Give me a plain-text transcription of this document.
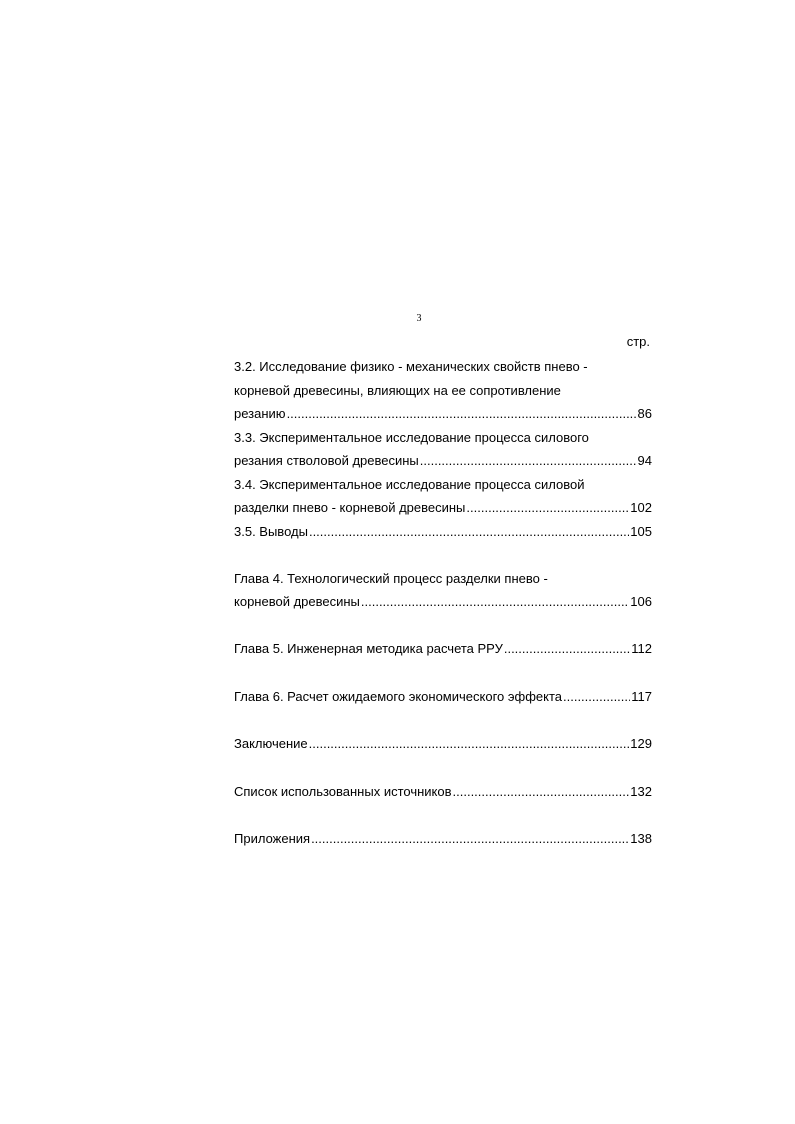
3
стр.
3.2. Исследование физико - механических свойств пнево -
корневой древесины, влияющих на ее сопротивление
резанию .....	86
3.3. Экспериментальное исследование процесса силового
резания стволовой древесины .....	94
3.4. Экспериментальное исследование процесса силовой
разделки пнево - корневой древесины .....	102
3.5. Выводы .....	105
Глава 4. Технологический процесс разделки пнево -
корневой древесины .....	106
Глава 5. Инженерная методика расчета РРУ .....	112
Глава 6. Расчет ожидаемого экономического эффекта .....	117
Заключение .....	129
Список использованных источников .....	132
Приложения .....	138
